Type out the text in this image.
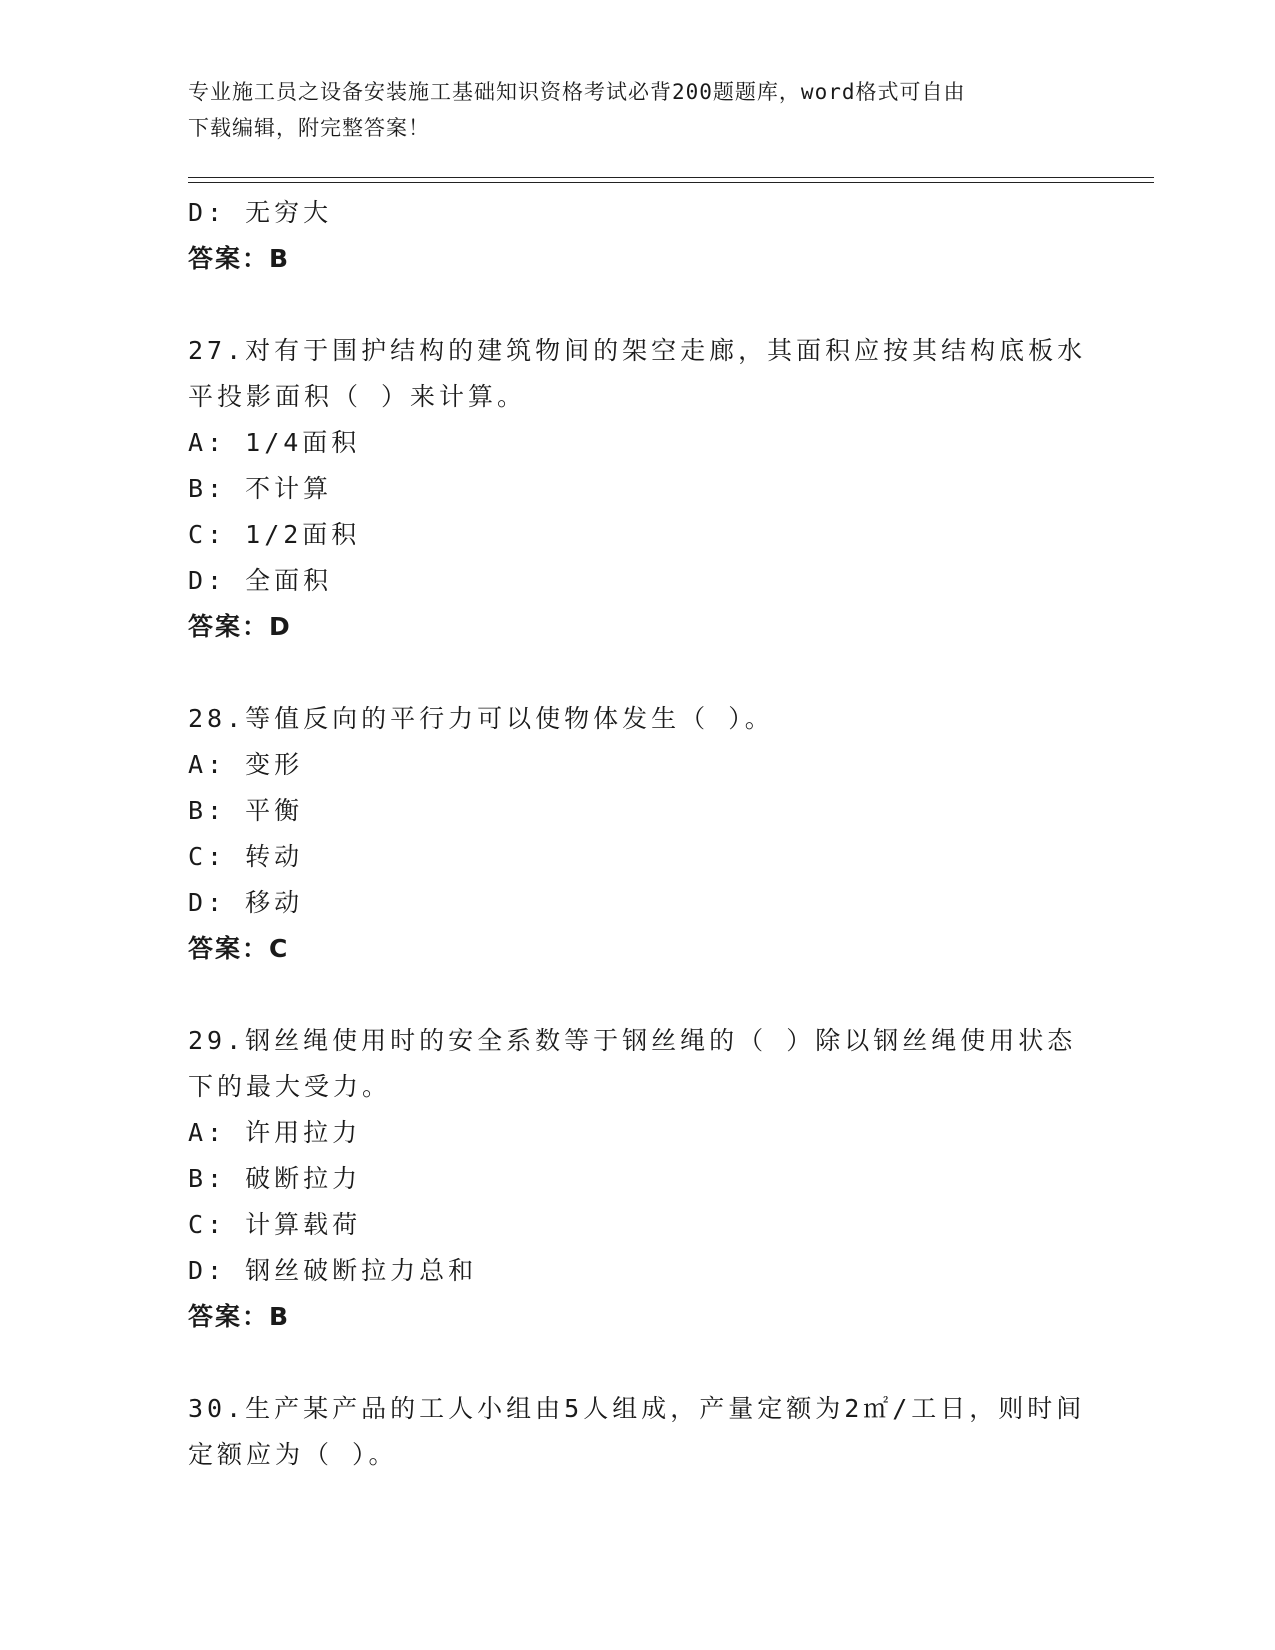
专业施工员之设备安装施工基础知识资格考试必背200题题库，word格式可自由
下载编辑，附完整答案！
D: 无穷大
答案：B
27.对有于围护结构的建筑物间的架空走廊，其面积应按其结构底板水
平投影面积（ ）来计算。
A: 1/4面积
B: 不计算
C: 1/2面积
D: 全面积
答案：D
28.等值反向的平行力可以使物体发生（ ）。
A: 变形
B: 平衡
C: 转动
D: 移动
答案：C
29.钢丝绳使用时的安全系数等于钢丝绳的（ ）除以钢丝绳使用状态
下的最大受力。
A: 许用拉力
B: 破断拉力
C: 计算载荷
D: 钢丝破断拉力总和
答案：B
30.生产某产品的工人小组由5人组成，产量定额为2㎡/工日，则时间
定额应为（ ）。
